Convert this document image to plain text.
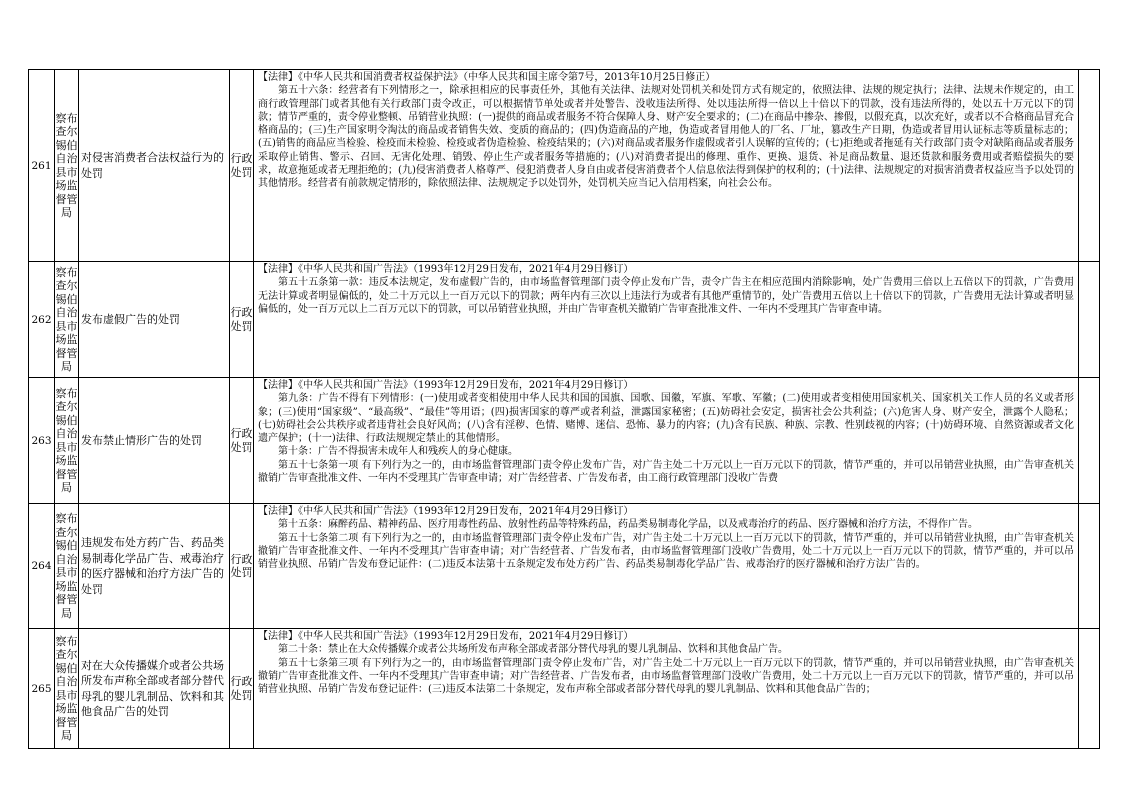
261	察布查尔锡伯自治县市场监督管局	对侵害消费者合法权益行为的处罚	行政处罚	【法律】《中华人民共和国消费者权益保护法》（中华人民共和国主席令第7号，2013年10月25日修正）
第五十六条：经营者有下列情形之一，除承担相应的民事责任外，其他有关法律、法规对处罚机关和处罚方式有规定的，依照法律、法规的规定执行；法律、法规未作规定的，由工商行政管理部门或者其他有关行政部门责令改正，可以根据情节单处或者并处警告、没收违法所得、处以违法所得一倍以上十倍以下的罚款，没有违法所得的，处以五十万元以下的罚款；情节严重的，责令停业整顿、吊销营业执照：(一)提供的商品或者服务不符合保障人身、财产安全要求的；(二)在商品中掺杂、掺假，以假充真，以次充好，或者以不合格商品冒充合格商品的；(三)生产国家明令淘汰的商品或者销售失效、变质的商品的；(四)伪造商品的产地，伪造或者冒用他人的厂名、厂址，篡改生产日期，伪造或者冒用认证标志等质量标志的；(五)销售的商品应当检验、检疫而未检验、检疫或者伪造检验、检疫结果的；(六)对商品或者服务作虚假或者引人误解的宣传的；(七)拒绝或者拖延有关行政部门责令对缺陷商品或者服务采取停止销售、警示、召回、无害化处理、销毁、停止生产或者服务等措施的；(八)对消费者提出的修理、重作、更换、退货、补足商品数量、退还货款和服务费用或者赔偿损失的要求，故意拖延或者无理拒绝的；(九)侵害消费者人格尊严、侵犯消费者人身自由或者侵害消费者个人信息依法得到保护的权利的；(十)法律、法规规定的对损害消费者权益应当予以处罚的其他情形。经营者有前款规定情形的，除依照法律、法规规定予以处罚外，处罚机关应当记入信用档案，向社会公布。	

262	察布查尔锡伯自治县市场监督管局	发布虚假广告的处罚	行政处罚	【法律】《中华人民共和国广告法》（1993年12月29日发布，2021年4月29日修订）
第五十五条第一款：违反本法规定，发布虚假广告的，由市场监督管理部门责令停止发布广告，责令广告主在相应范围内消除影响，处广告费用三倍以上五倍以下的罚款，广告费用无法计算或者明显偏低的，处二十万元以上一百万元以下的罚款；两年内有三次以上违法行为或者有其他严重情节的，处广告费用五倍以上十倍以下的罚款，广告费用无法计算或者明显偏低的，处一百万元以上二百万元以下的罚款，可以吊销营业执照，并由广告审查机关撤销广告审查批准文件、一年内不受理其广告审查申请。	

263	察布查尔锡伯自治县市场监督管局	发布禁止情形广告的处罚	行政处罚	【法律】《中华人民共和国广告法》（1993年12月29日发布，2021年4月29日修订）
第九条：广告不得有下列情形：(一)使用或者变相使用中华人民共和国的国旗、国歌、国徽，军旗、军歌、军徽；(二)使用或者变相使用国家机关、国家机关工作人员的名义或者形象；(三)使用“国家级”、“最高级”、“最佳”等用语；(四)损害国家的尊严或者利益，泄露国家秘密；(五)妨碍社会安定，损害社会公共利益；(六)危害人身、财产安全，泄露个人隐私；(七)妨碍社会公共秩序或者违背社会良好风尚；(八)含有淫秽、色情、赌博、迷信、恐怖、暴力的内容；(九)含有民族、种族、宗教、性别歧视的内容；(十)妨碍环境、自然资源或者文化遗产保护；(十一)法律、行政法规规定禁止的其他情形。
第十条：广告不得损害未成年人和残疾人的身心健康。
第五十七条第一项 有下列行为之一的，由市场监督管理部门责令停止发布广告，对广告主处二十万元以上一百万元以下的罚款，情节严重的，并可以吊销营业执照，由广告审查机关撤销广告审查批准文件、一年内不受理其广告审查申请；对广告经营者、广告发布者，由工商行政管理部门没收广告费	

264	察布查尔锡伯自治县市场监督管局	违规发布处方药广告、药品类易制毒化学品广告、戒毒治疗的医疗器械和治疗方法广告的处罚	行政处罚	【法律】《中华人民共和国广告法》（1993年12月29日发布，2021年4月29日修订）
第十五条：麻醉药品、精神药品、医疗用毒性药品、放射性药品等特殊药品，药品类易制毒化学品，以及戒毒治疗的药品、医疗器械和治疗方法，不得作广告。
第五十七条第二项 有下列行为之一的，由市场监督管理部门责令停止发布广告，对广告主处二十万元以上一百万元以下的罚款，情节严重的，并可以吊销营业执照，由广告审查机关撤销广告审查批准文件、一年内不受理其广告审查申请；对广告经营者、广告发布者，由市场监督管理部门没收广告费用，处二十万元以上一百万元以下的罚款，情节严重的，并可以吊销营业执照、吊销广告发布登记证件：(二)违反本法第十五条规定发布处方药广告、药品类易制毒化学品广告、戒毒治疗的医疗器械和治疗方法广告的。	

265	察布查尔锡伯自治县市场监督管局	对在大众传播媒介或者公共场所发布声称全部或者部分替代母乳的婴儿乳制品、饮料和其他食品广告的处罚	行政处罚	【法律】《中华人民共和国广告法》（1993年12月29日发布，2021年4月29日修订）
第二十条：禁止在大众传播媒介或者公共场所发布声称全部或者部分替代母乳的婴儿乳制品、饮料和其他食品广告。
第五十七条第三项 有下列行为之一的，由市场监督管理部门责令停止发布广告，对广告主处二十万元以上一百万元以下的罚款，情节严重的，并可以吊销营业执照，由广告审查机关撤销广告审查批准文件、一年内不受理其广告审查申请；对广告经营者、广告发布者，由市场监督管理部门没收广告费用，处二十万元以上一百万元以下的罚款，情节严重的，并可以吊销营业执照、吊销广告发布登记证件：(三)违反本法第二十条规定，发布声称全部或者部分替代母乳的婴儿乳制品、饮料和其他食品广告的；	
